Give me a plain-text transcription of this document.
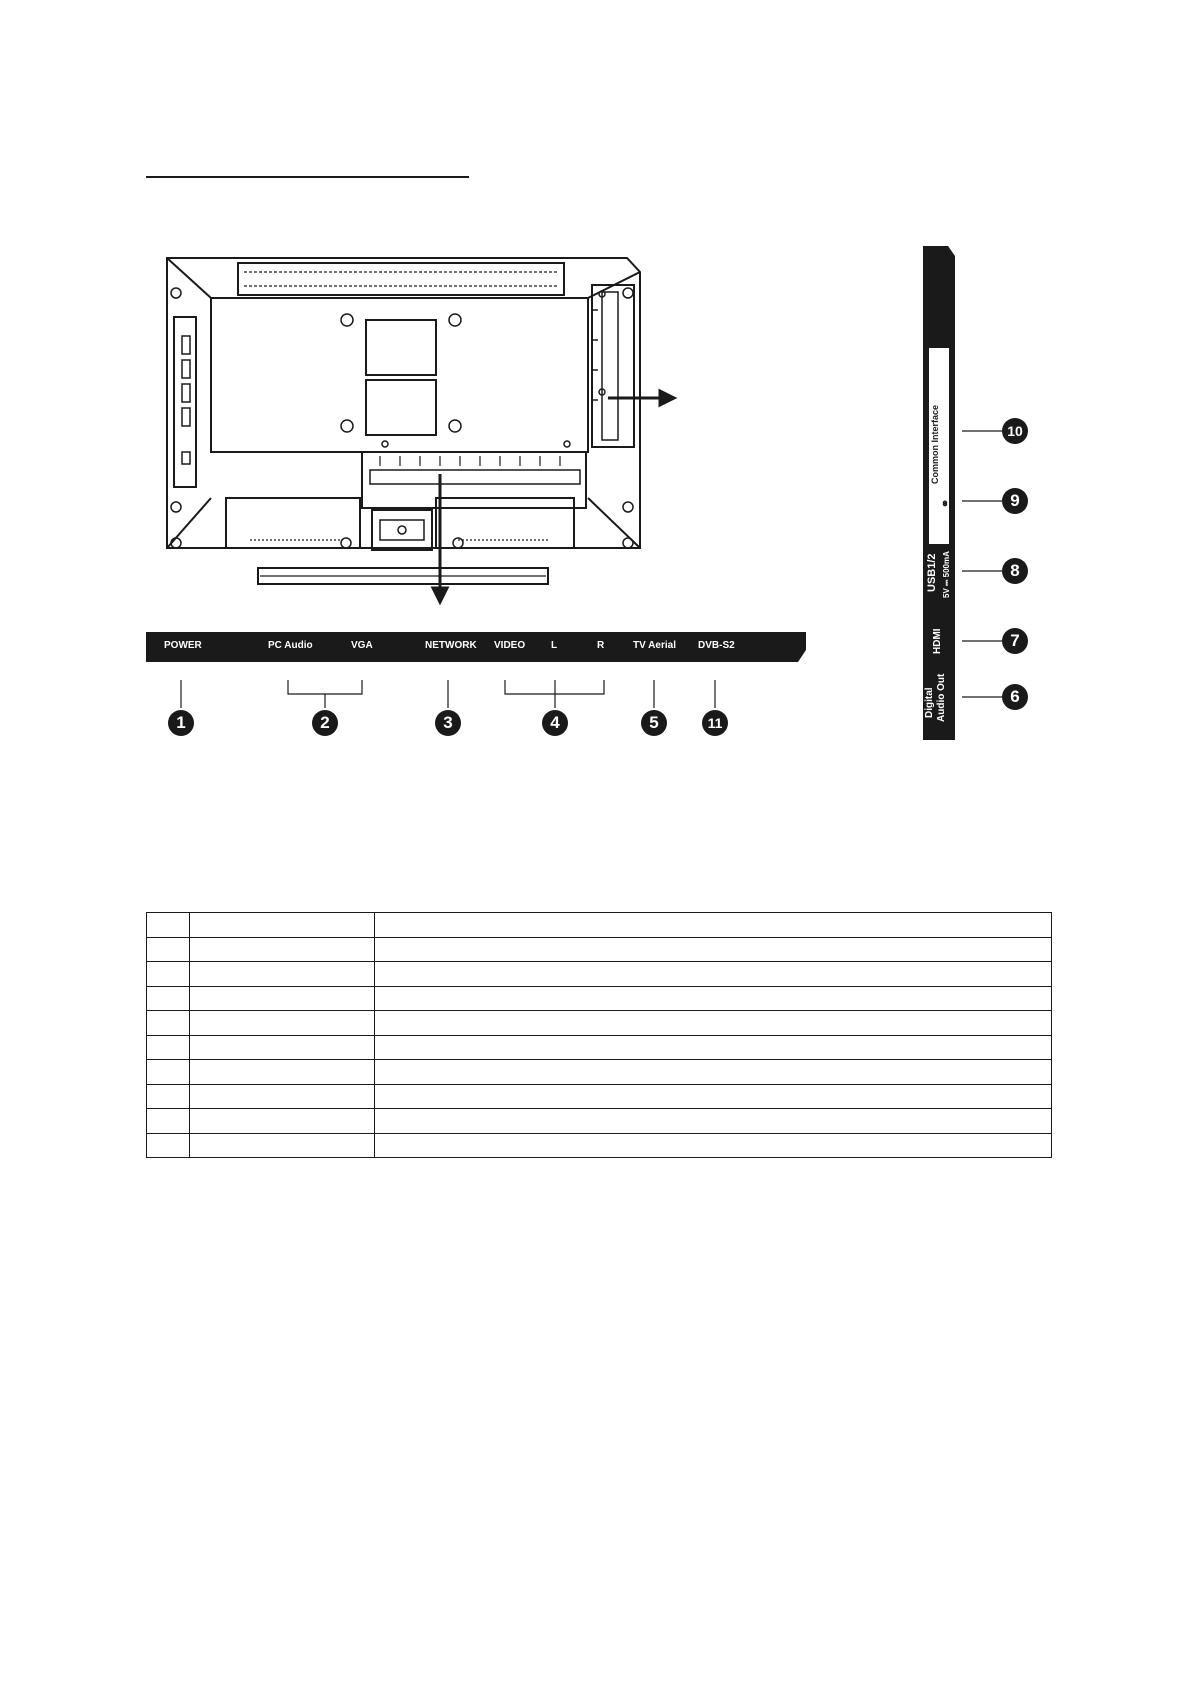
POWER	PC Audio	VGA	NETWORK VIDEO	L	R	TV Aerial DVB-S2
Common Interface
⚭
USB1/2 5V ⎓ 500mA
HDMI
Digital Audio Out
1	2	3	4	5	11
10
9
8
7
6
